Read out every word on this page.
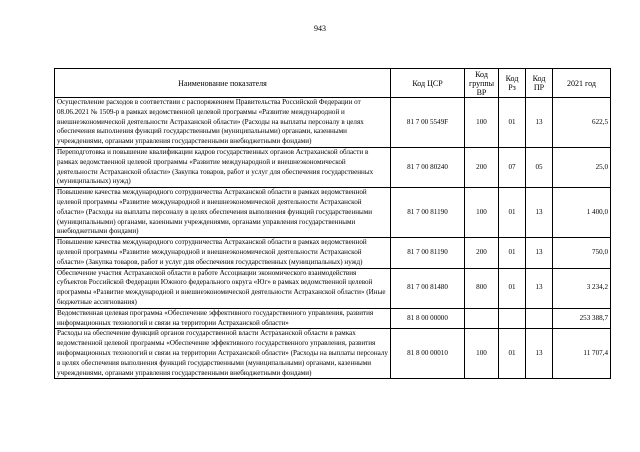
943
Наименование показателя	Код ЦСР	Код группы ВР	Код Рз	Код ПР	2021 год
Осуществление расходов в соответствии с распоряжением Правительства Российской Федерации от 08.06.2021 № 1509-р в рамках ведомственной целевой программы «Развитие международной и внешнеэкономической деятельности Астраханской области» (Расходы на выплаты персоналу в целях обеспечения выполнения функций государственными (муниципальными) органами, казенными учреждениями, органами управления государственными внебюджетными фондами)	81 7 00 5549F	100	01	13	622,5
Переподготовка и повышение квалификации кадров государственных органов Астраханской области в рамках ведомственной целевой программы «Развитие международной и внешнеэкономической деятельности Астраханской области» (Закупка товаров, работ и услуг для обеспечения государственных (муниципальных) нужд)	81 7 00 80240	200	07	05	25,0
Повышение качества международного сотрудничества Астраханской области в рамках ведомственной целевой программы «Развитие международной и внешнеэкономической деятельности Астраханской области» (Расходы на выплаты персоналу в целях обеспечения выполнения функций государственными (муниципальными) органами, казенными учреждениями, органами управления государственными внебюджетными фондами)	81 7 00 81190	100	01	13	1 400,0
Повышение качества международного сотрудничества Астраханской области в рамках ведомственной целевой программы «Развитие международной и внешнеэкономической деятельности Астраханской области» (Закупка товаров, работ и услуг для обеспечения государственных (муниципальных) нужд)	81 7 00 81190	200	01	13	750,0
Обеспечение участия Астраханской области в работе Ассоциации экономического взаимодействия субъектов Российской Федерации Южного федерального округа «Юг» в рамках ведомственной целевой программы «Развитие международной и внешнеэкономической деятельности Астраханской области» (Иные бюджетные ассигнования)	81 7 00 81480	800	01	13	3 234,2
Ведомственная целевая программа «Обеспечение эффективного государственного управления, развития информационных технологий и связи на территории Астраханской области»	81 8 00 00000				253 388,7
Расходы на обеспечение функций органов государственной власти Астраханской области в рамках ведомственной целевой программы «Обеспечение эффективного государственного управления, развития информационных технологий и связи на территории Астраханской области» (Расходы на выплаты персоналу в целях обеспечения выполнения функций государственными (муниципальными) органами, казенными учреждениями, органами управления государственными внебюджетными фондами)	81 8 00 00010	100	01	13	11 707,4
